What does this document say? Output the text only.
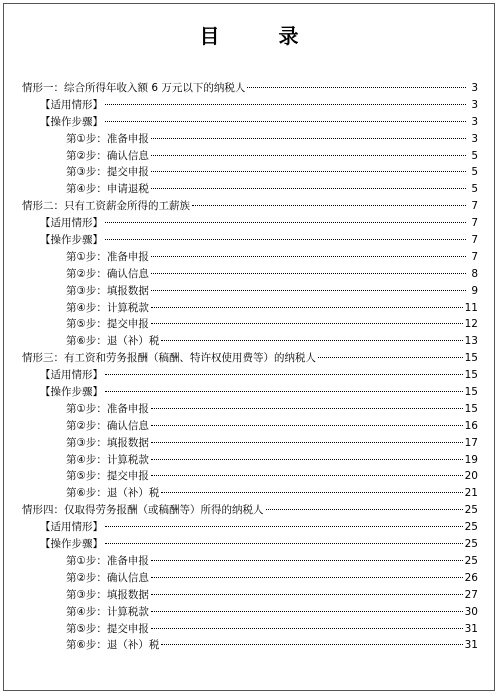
目 录
情形一：综合所得年收入额 6 万元以下的纳税人	3
【适用情形】	3
【操作步骤】	3
第①步：准备申报	3
第②步：确认信息	5
第③步：提交申报	5
第④步：申请退税	5
情形二：只有工资薪金所得的工薪族	7
【适用情形】	7
【操作步骤】	7
第①步：准备申报	7
第②步：确认信息	8
第③步：填报数据	9
第④步：计算税款	11
第⑤步：提交申报	12
第⑥步：退（补）税	13
情形三：有工资和劳务报酬（稿酬、特许权使用费等）的纳税人	15
【适用情形】	15
【操作步骤】	15
第①步：准备申报	15
第②步：确认信息	16
第③步：填报数据	17
第④步：计算税款	19
第⑤步：提交申报	20
第⑥步：退（补）税	21
情形四：仅取得劳务报酬（或稿酬等）所得的纳税人	25
【适用情形】	25
【操作步骤】	25
第①步：准备申报	25
第②步：确认信息	26
第③步：填报数据	27
第④步：计算税款	30
第⑤步：提交申报	31
第⑥步：退（补）税	31
